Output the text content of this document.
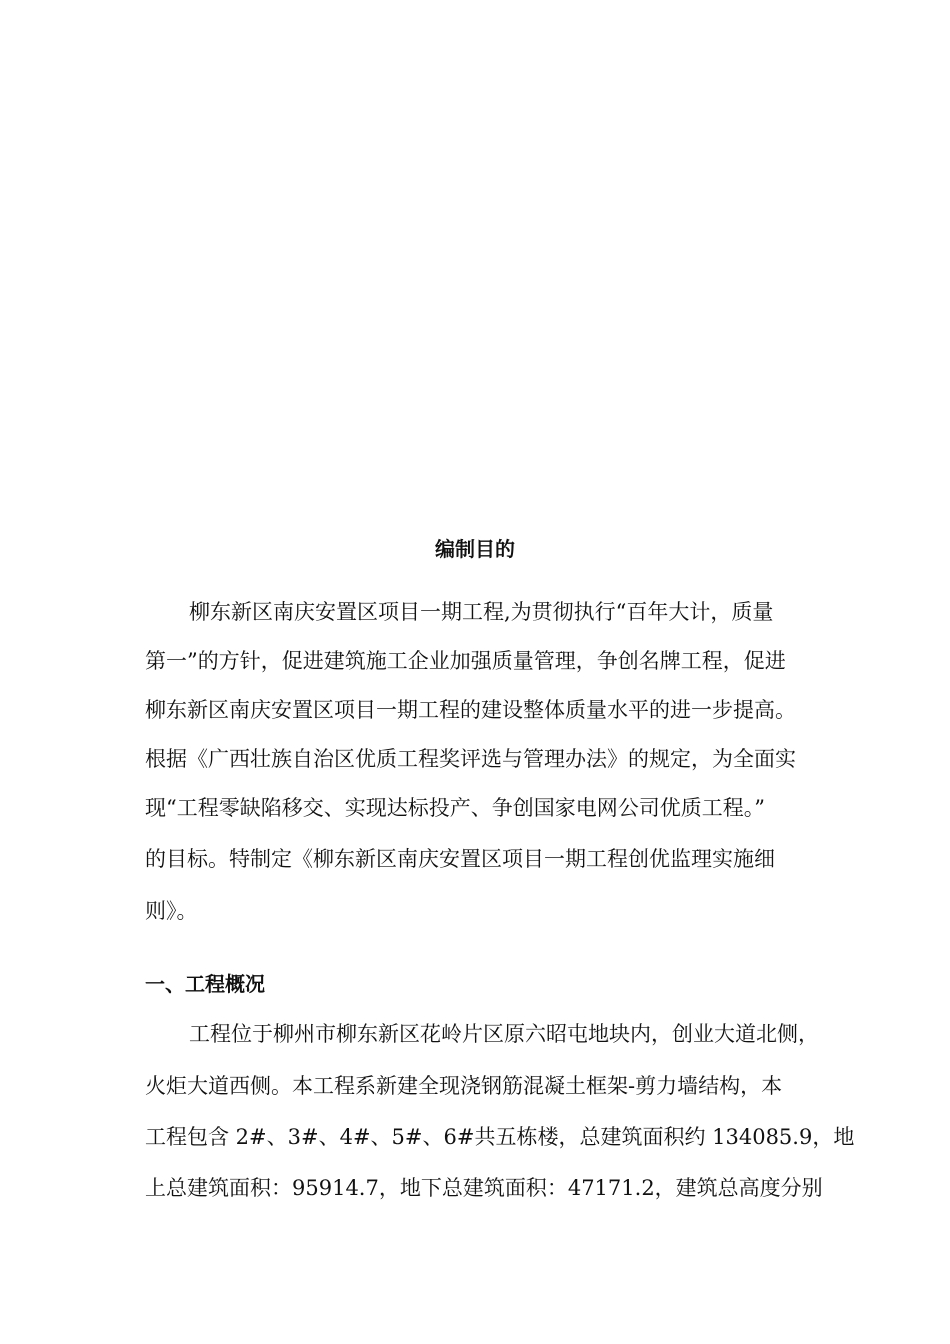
编制目的
柳东新区南庆安置区项目一期工程,为贯彻执行“百年大计，质量
第一”的方针，促进建筑施工企业加强质量管理，争创名牌工程，促进
柳东新区南庆安置区项目一期工程的建设整体质量水平的进一步提高。
根据《广西壮族自治区优质工程奖评选与管理办法》的规定，为全面实
现“工程零缺陷移交、实现达标投产、争创国家电网公司优质工程。”
的目标。特制定《柳东新区南庆安置区项目一期工程创优监理实施细
则》。
一、工程概况
工程位于柳州市柳东新区花岭片区原六昭屯地块内，创业大道北侧，
火炬大道西侧。本工程系新建全现浇钢筋混凝土框架-剪力墙结构，本
工程包含 2#、3#、4#、5#、6#共五栋楼，总建筑面积约 134085.9，地
上总建筑面积：95914.7，地下总建筑面积：47171.2，建筑总高度分别
